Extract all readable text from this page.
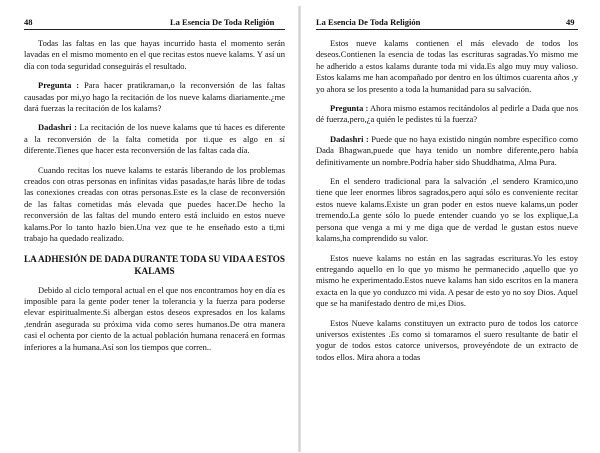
48	La Esencia De Toda Religión

Todas las faltas en las que hayas incurrido hasta el momento serán lavadas en el mismo momento en el que recitas estos nueve kalams. Y así un día con toda seguridad conseguirás el resultado.

Pregunta : Para hacer pratikraman,o la reconversión de las faltas causadas por mi,yo hago la recitación de los nueve kalams diariamente.¿me dará fuerzas la recitación de los kalams?

Dadashri : La recitación de los nueve kalams que tú haces es diferente a la reconversión de la falta cometida por ti.que es algo en sí diferente.Tienes que hacer esta reconversión de las faltas cada día.

Cuando recitas los nueve kalams te estarás liberando de los problemas creados con otras personas en infinitas vidas pasadas,te harás libre de todas las conexiones creadas con otras personas.Este es la clase de reconversión de las faltas cometidas más elevada que puedes hacer.De hecho la reconversión de las faltas del mundo entero está incluido en estos nueve kalams.Por lo tanto hazlo bien.Una vez que te he enseñado esto a ti,mi trabajo ha quedado realizado.

LA ADHESIÓN DE DADA DURANTE TODA SU VIDA A ESTOS KALAMS

Debido al ciclo temporal actual en el que nos encontramos hoy en día es imposible para la gente poder tener la tolerancia y la fuerza para poderse elevar espiritualmente.Si albergan estos deseos expresados en los kalams ,tendrán asegurada su próxima vida como seres humanos.De otra manera casi el ochenta por ciento de la actual población humana renacerá en formas inferiores a la humana.Así son los tiempos que corren..

La Esencia De Toda Religión	49

Estos nueve kalams contienen el más elevado de todos los deseos.Contienen la esencia de todas las escrituras sagradas.Yo mismo me he adherido a estos kalams durante toda mi vida.Es algo muy muy valioso. Estos kalams me han acompañado por dentro en los últimos cuarenta años ,y yo ahora se los presento a toda la humanidad para su salvación.

Pregunta : Ahora mismo estamos recitándolos al pedirle a Dada que nos dé fuerza,pero,¿a quién le pedistes tú la fuerza?

Dadashri : Puede que no haya existido ningún nombre específico como Dada Bhagwan,puede que haya tenido un nombre diferente,pero había definitivamente un nombre.Podría haber sido Shuddhatma, Alma Pura.

En el sendero tradicional para la salvación ,el sendero Kramico,uno tiene que leer enormes libros sagrados,pero aquí sólo es conveniente recitar estos nueve kalams.Existe un gran poder en estos nueve kalams,un poder tremendo.La gente sólo lo puede entender cuando yo se los explique,La persona que venga a mi y me diga que de verdad le gustan estos nueve kalams,ha comprendido su valor.

Estos nueve kalams no están en las sagradas escrituras.Yo les estoy entregando aquello en lo que yo mismo he permanecido ,aquello que yo mismo he experimentado.Estos nueve kalams han sido escritos en la manera exacta en la que yo conduzco mi vida. A pesar de esto yo no soy Dios. Aquel que se ha manifestado dentro de mi,es Dios.

Estos Nueve kalams constituyen un extracto puro de todos los catorce universos existentes .Es como si tomaramos el suero resultante de batir el yogur de todos estos catorce universos, proveyéndote de un extracto de todos ellos. Mira ahora a todas
